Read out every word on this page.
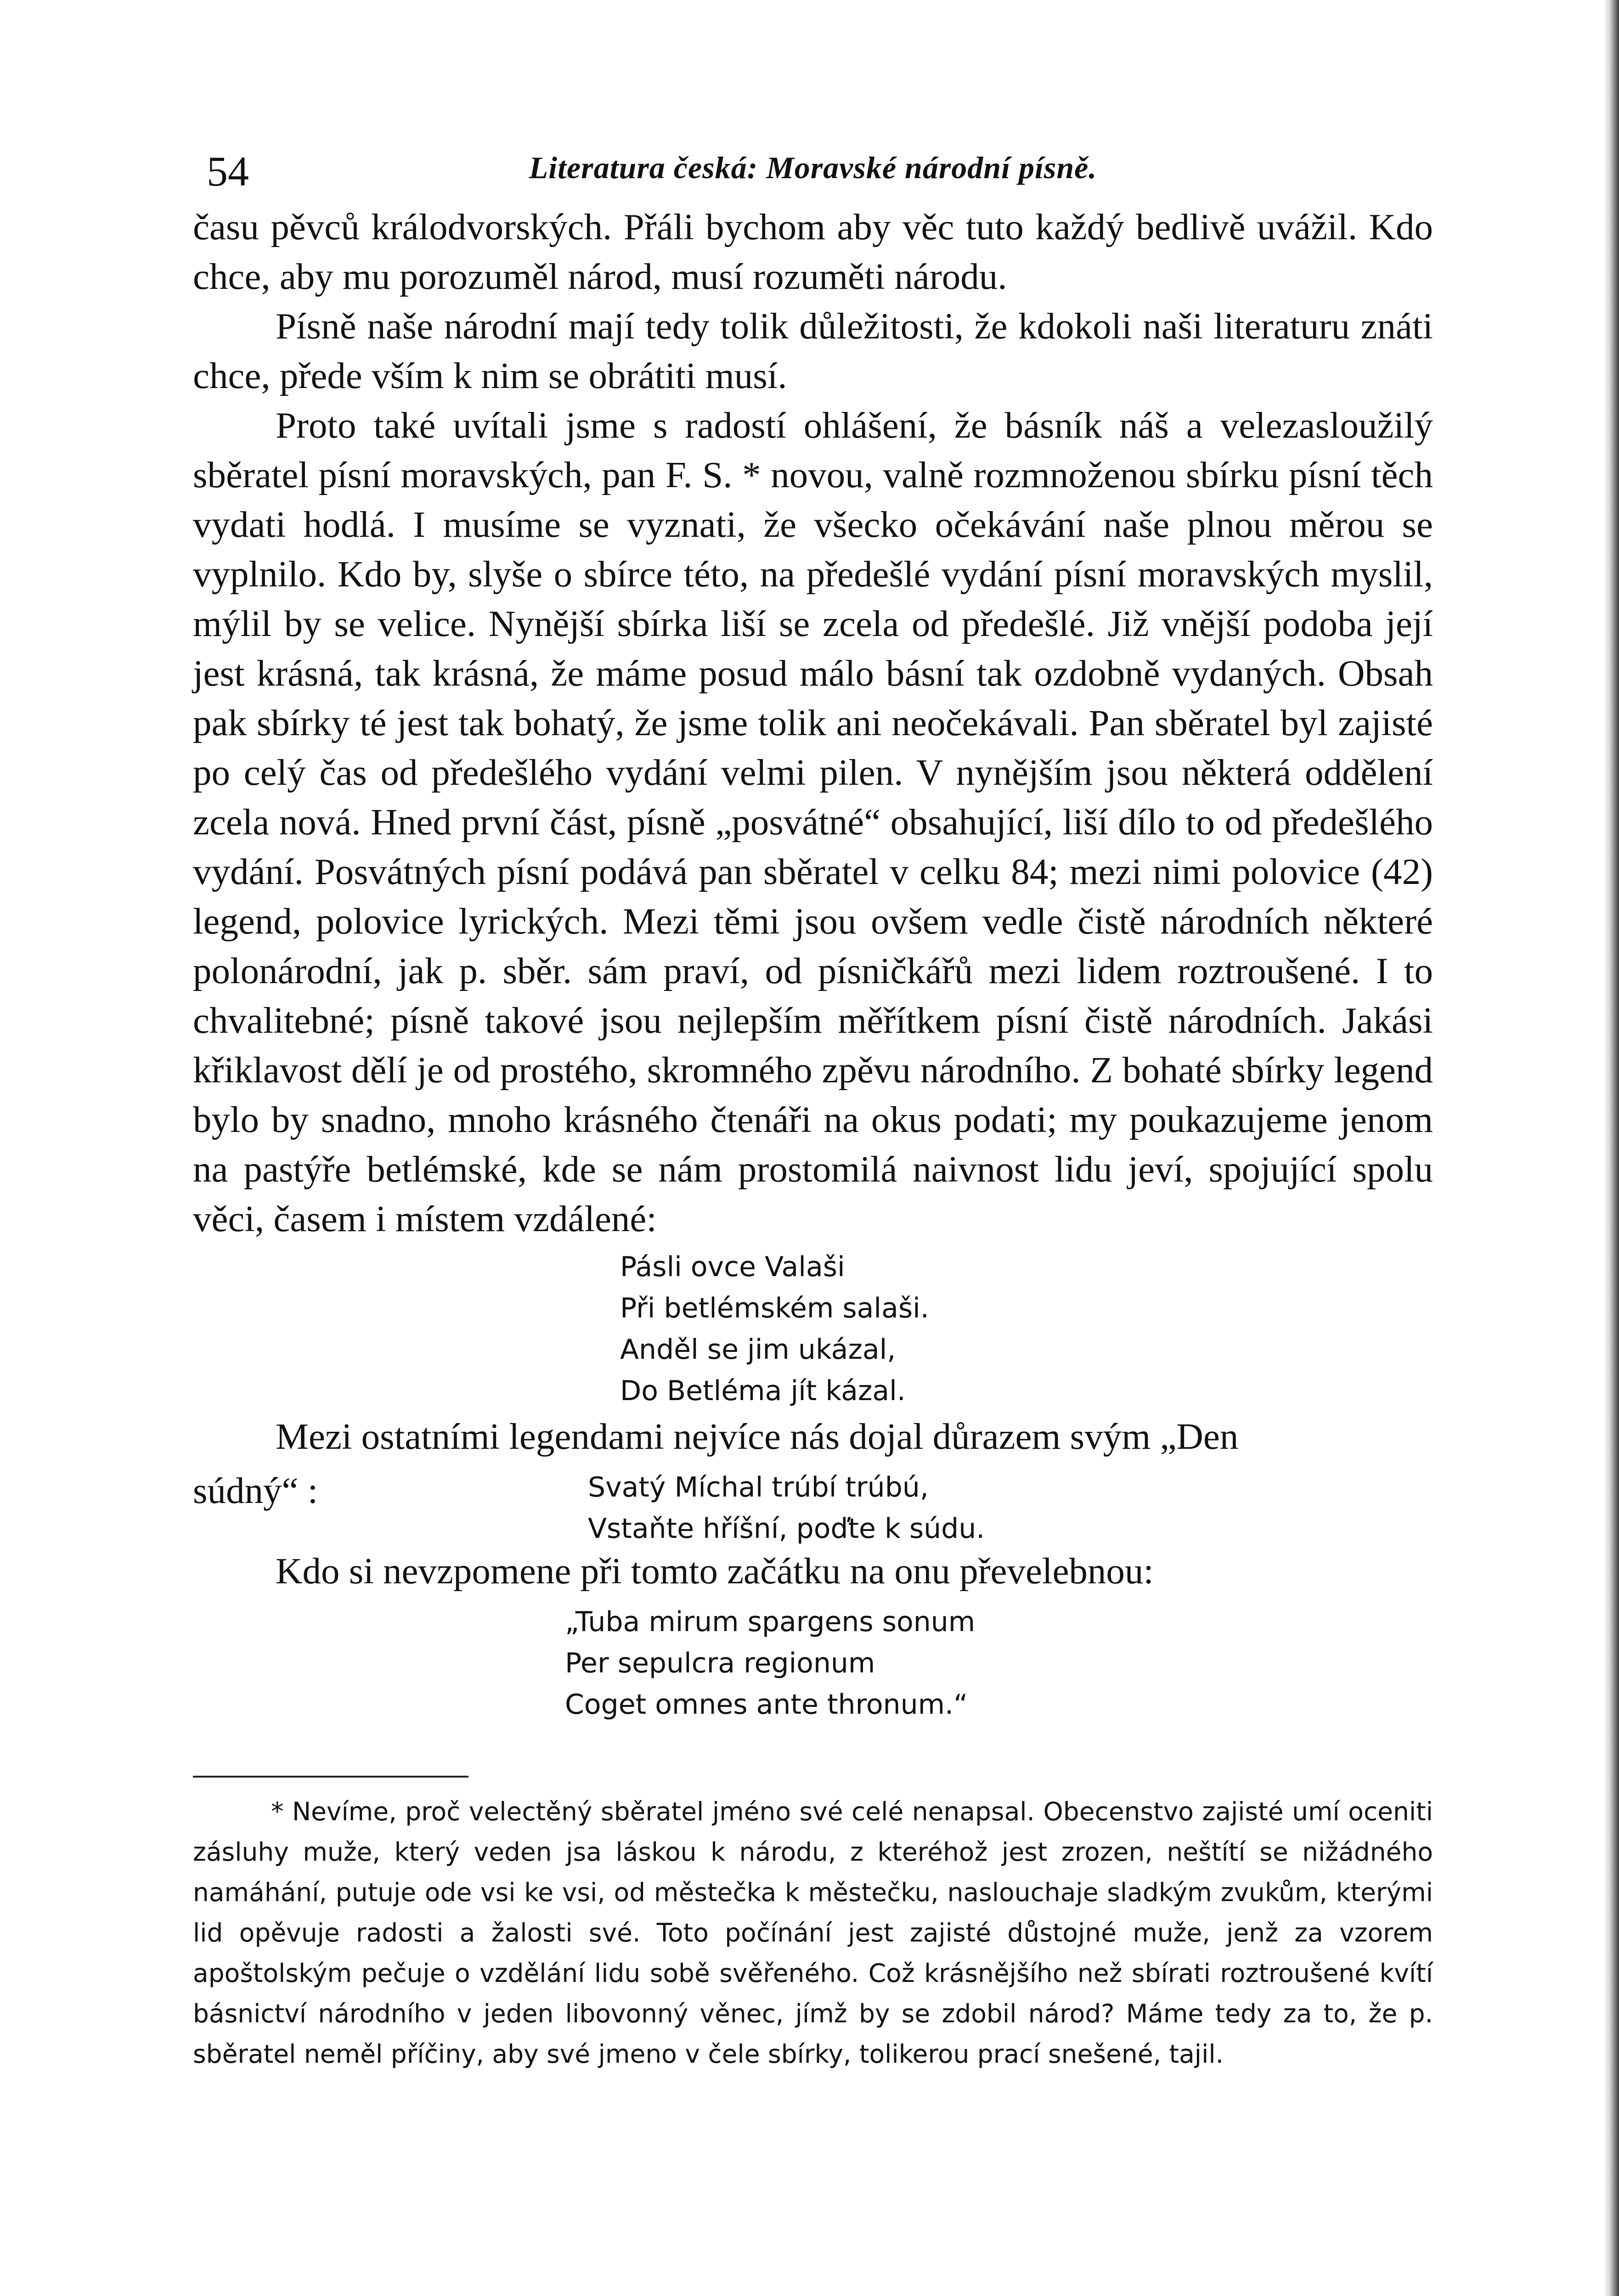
54	Literatura česká: Moravské národní písně.

času pěvců králodvorských. Přáli bychom aby věc tuto každý bedlivě uvážil. Kdo chce, aby mu porozuměl národ, musí rozuměti národu.

Písně naše národní mají tedy tolik důležitosti, že kdokoli naši literaturu znáti chce, přede vším k nim se obrátiti musí.

Proto také uvítali jsme s radostí ohlášení, že básník náš a velezasloužilý sběratel písní moravských, pan F. S. * novou, valně rozmnoženou sbírku písní těch vydati hodlá. I musíme se vyznati, že všecko očekávání naše plnou měrou se vyplnilo. Kdo by, slyše o sbírce této, na předešlé vydání písní moravských myslil, mýlil by se velice. Nynější sbírka liší se zcela od předešlé. Již vnější podoba její jest krásná, tak krásná, že máme posud málo básní tak ozdobně vydaných. Obsah pak sbírky té jest tak bohatý, že jsme tolik ani neočekávali. Pan sběratel byl zajisté po celý čas od předešlého vydání velmi pilen. V nynějším jsou některá oddělení zcela nová. Hned první část, písně „posvátné“ obsahující, liší dílo to od předešlého vydání. Posvátných písní podává pan sběratel v celku 84; mezi nimi polovice (42) legend, polovice lyrických. Mezi těmi jsou ovšem vedle čistě národních některé polonárodní, jak p. sběr. sám praví, od písničkářů mezi lidem roztroušené. I to chvalitebné; písně takové jsou nejlepším měřítkem písní čistě národních. Jakási křiklavost dělí je od prostého, skromného zpěvu národního. Z bohaté sbírky legend bylo by snadno, mnoho krásného čtenáři na okus podati; my poukazujeme jenom na pastýře betlémské, kde se nám prostomilá naivnost lidu jeví, spojující spolu věci, časem i místem vzdálené:

Pásli ovce Valaši
Při betlémském salaši.
Anděl se jim ukázal,
Do Betléma jít kázal.

Mezi ostatními legendami nejvíce nás dojal důrazem svým „Den

súdný“ :	Svatý Míchal trúbí trúbú,
Vstaňte hříšní, poďte k súdu.

Kdo si nevzpomene při tomto začátku na onu převelebnou:

„Tuba mirum spargens sonum
Per sepulcra regionum
Coget omnes ante thronum.“

* Nevíme, proč velectěný sběratel jméno své celé nenapsal. Obecenstvo zajisté umí oceniti zásluhy muže, který veden jsa láskou k národu, z kteréhož jest zrozen, neštítí se nižádného namáhání, putuje ode vsi ke vsi, od městečka k městečku, naslouchaje sladkým zvukům, kterými lid opěvuje radosti a žalosti své. Toto počínání jest zajisté důstojné muže, jenž za vzorem apoštolským pečuje o vzdělání lidu sobě svěřeného. Což krásnějšího než sbírati roztroušené kvítí básnictví národního v jeden libovonný věnec, jímž by se zdobil národ? Máme tedy za to, že p. sběratel neměl příčiny, aby své jmeno v čele sbírky, tolikerou prací snešené, tajil.
